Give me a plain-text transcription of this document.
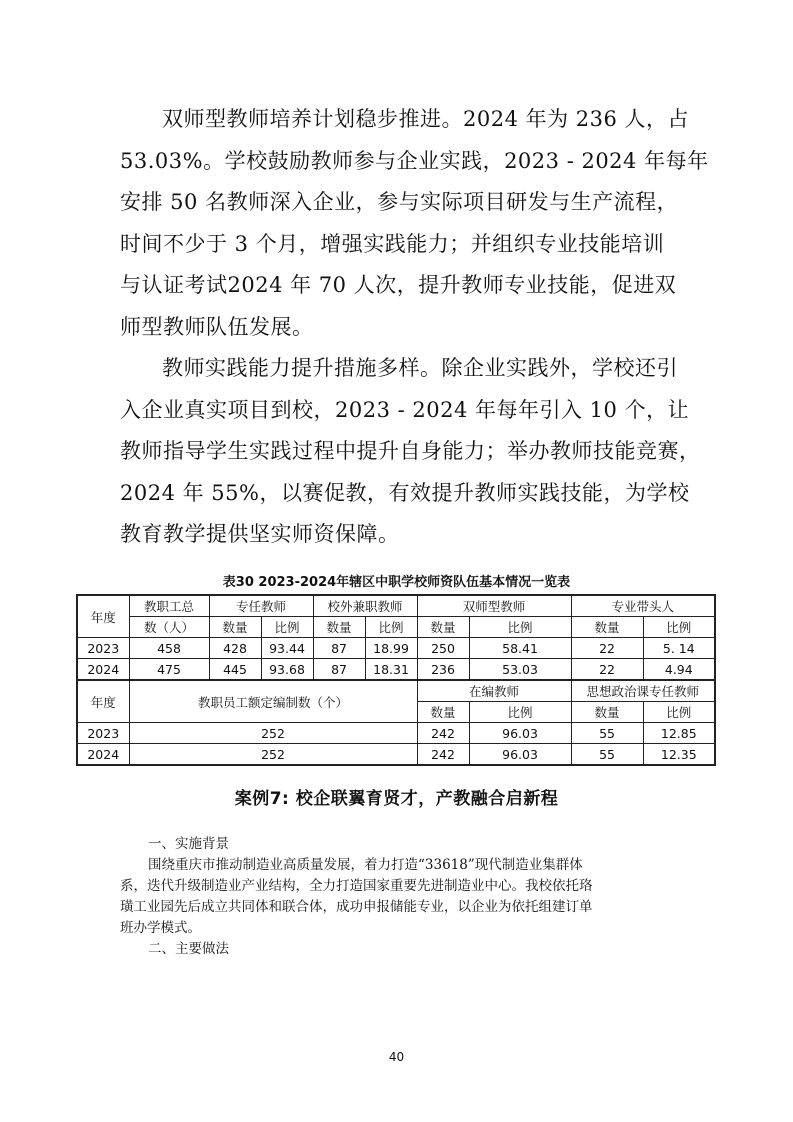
双师型教师培养计划稳步推进。2024 年为 236 人，占
53.03%。学校鼓励教师参与企业实践，2023 - 2024 年每年
安排 50 名教师深入企业，参与实际项目研发与生产流程，
时间不少于 3 个月，增强实践能力；并组织专业技能培训
与认证考试2024 年 70 人次，提升教师专业技能，促进双
师型教师队伍发展。
教师实践能力提升措施多样。除企业实践外，学校还引
入企业真实项目到校，2023 - 2024 年每年引入 10 个，让
教师指导学生实践过程中提升自身能力；举办教师技能竞赛，
2024 年 55%，以赛促教，有效提升教师实践技能，为学校
教育教学提供坚实师资保障。
表30 2023-2024年辖区中职学校师资队伍基本情况一览表
年度	教职工总	专任教师		校外兼职教师		双师型教师		专业带头人	
	数（人）	数量	比例	数量	比例	数量	比例	数量	比例
2023	458	428	93.44	87	18.99	250	58.41	22	5. 14
2024	475	445	93.68	87	18.31	236	53.03	22	4.94
年度	教职员工额定编制数（个）					在编教师		思想政治课专任教师	
						数量	比例	数量	比例
2023	252					242	96.03	55	12.85
2024	252					242	96.03	55	12.35
案例7: 校企联翼育贤才，产教融合启新程
一、实施背景
围绕重庆市推动制造业高质量发展，着力打造“33618”现代制造业集群体
系，迭代升级制造业产业结构，全力打造国家重要先进制造业中心。我校依托珞
璜工业园先后成立共同体和联合体，成功申报储能专业，以企业为依托组建订单
班办学模式。
二、主要做法
40
